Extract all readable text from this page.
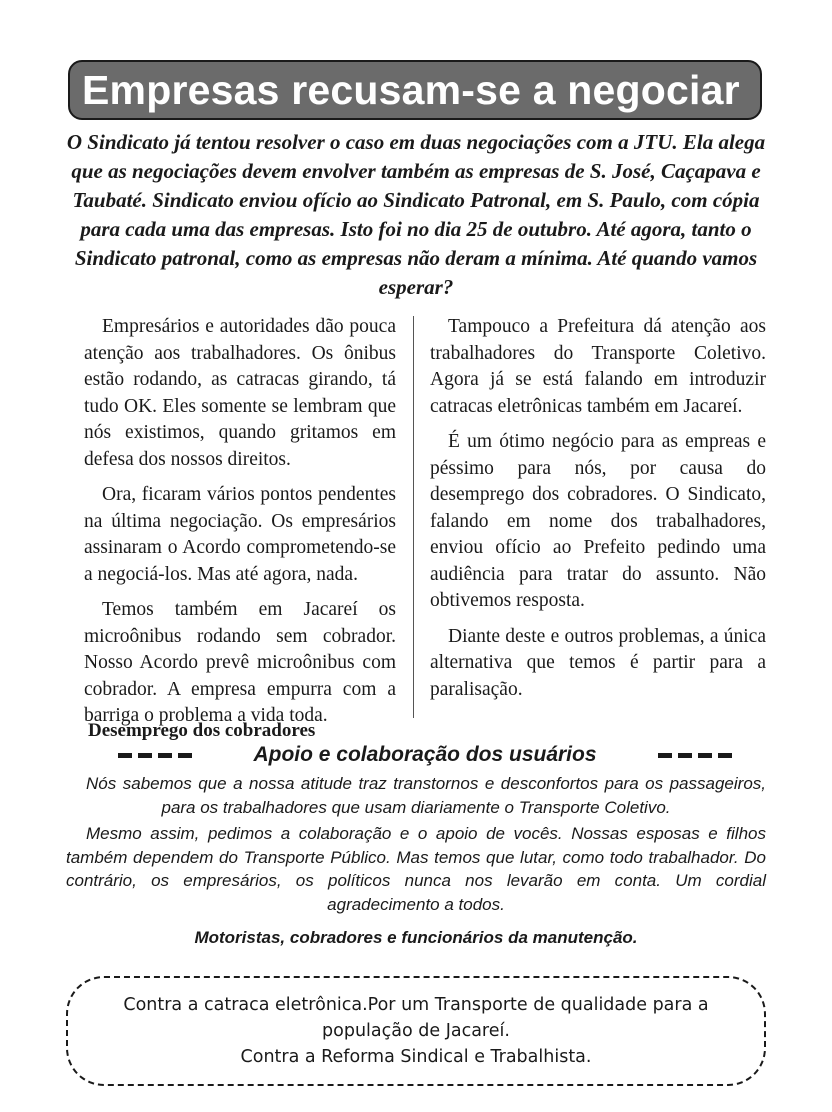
Empresas recusam-se a negociar

O Sindicato já tentou resolver o caso em duas negociações com a JTU. Ela alega que as negociações devem envolver também as empresas de S. José, Caçapava e Taubaté. Sindicato enviou ofício ao Sindicato Patronal, em S. Paulo, com cópia para cada uma das empresas. Isto foi no dia 25 de outubro. Até agora, tanto o Sindicato patronal, como as empresas não deram a mínima. Até quando vamos esperar?

Empresários e autoridades dão pouca atenção aos trabalhadores. Os ônibus estão rodando, as catracas girando, tá tudo OK. Eles somente se lembram que nós existimos, quando gritamos em defesa dos nossos direitos.

Ora, ficaram vários pontos pendentes na última negociação. Os empresários assinaram o Acordo comprometendo-se a negociá-los. Mas até agora, nada.

Temos também em Jacareí os microônibus rodando sem cobrador. Nosso Acordo prevê microônibus com cobrador. A empresa empurra com a barriga o problema a vida toda.

Tampouco a Prefeitura dá atenção aos trabalhadores do Transporte Coletivo. Agora já se está falando em introduzir catracas eletrônicas também em Jacareí.

É um ótimo negócio para as empreas e péssimo para nós, por causa do desemprego dos cobradores. O Sindicato, falando em nome dos trabalhadores, enviou ofício ao Prefeito pedindo uma audiência para tratar do assunto. Não obtivemos resposta.

Diante deste e outros problemas, a única alternativa que temos é partir para a paralisação.

Desemprego dos cobradores

Apoio e colaboração dos usuários

Nós sabemos que a nossa atitude traz transtornos e desconfortos para os passageiros, para os trabalhadores que usam diariamente o Transporte Coletivo.

Mesmo assim, pedimos a colaboração e o apoio de vocês. Nossas esposas e filhos também dependem do Transporte Público. Mas temos que lutar, como todo trabalhador. Do contrário, os empresários, os políticos nunca nos levarão em conta. Um cordial agradecimento a todos.

Motoristas, cobradores e funcionários da manutenção.

Contra a catraca eletrônica.Por um Transporte de qualidade para a

população de Jacareí.

Contra a Reforma Sindical e Trabalhista.
